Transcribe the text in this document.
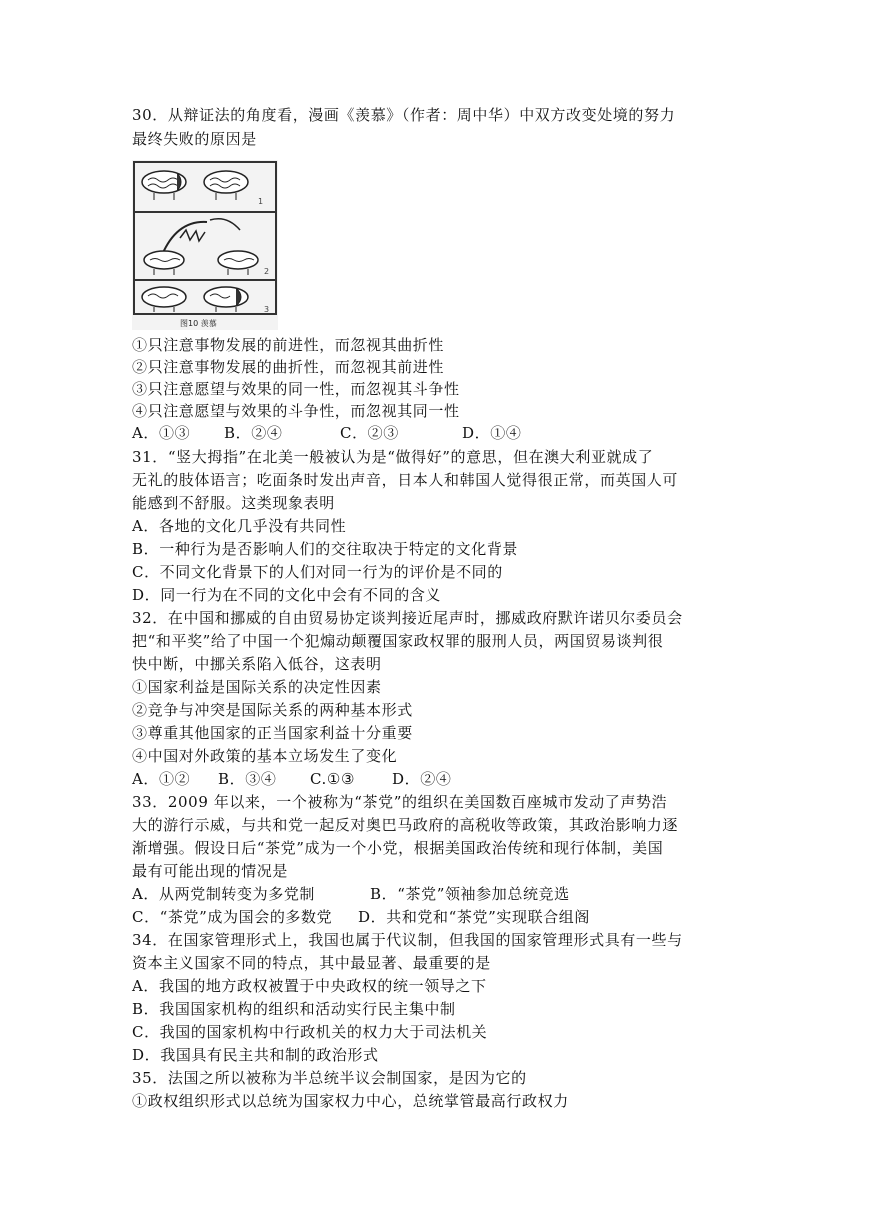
30．从辩证法的角度看，漫画《羡慕》（作者：周中华）中双方改变处境的努力
最终失败的原因是
1
2
3
图10 羡慕
①只注意事物发展的前进性，而忽视其曲折性
②只注意事物发展的曲折性，而忽视其前进性
③只注意愿望与效果的同一性，而忽视其斗争性
④只注意愿望与效果的斗争性，而忽视其同一性
A．①③ B．②④	C．②③	D．①④
31．“竖大拇指”在北美一般被认为是“做得好”的意思，但在澳大利亚就成了
无礼的肢体语言；吃面条时发出声音，日本人和韩国人觉得很正常，而英国人可
能感到不舒服。这类现象表明
A．各地的文化几乎没有共同性
B．一种行为是否影响人们的交往取决于特定的文化背景
C．不同文化背景下的人们对同一行为的评价是不同的
D．同一行为在不同的文化中会有不同的含义
32．在中国和挪威的自由贸易协定谈判接近尾声时，挪威政府默许诺贝尔委员会
把“和平奖”给了中国一个犯煽动颠覆国家政权罪的服刑人员，两国贸易谈判很
快中断，中挪关系陷入低谷，这表明
①国家利益是国际关系的决定性因素
②竞争与冲突是国际关系的两种基本形式
③尊重其他国家的正当国家利益十分重要
④中国对外政策的基本立场发生了变化
A．①② B．③④ C.①③ D．②④
33．2009 年以来，一个被称为“茶党”的组织在美国数百座城市发动了声势浩
大的游行示威，与共和党一起反对奥巴马政府的高税收等政策，其政治影响力逐
渐增强。假设日后“茶党”成为一个小党，根据美国政治传统和现行体制，美国
最有可能出现的情况是
A．从两党制转变为多党制	B．“茶党”领袖参加总统竞选
C．“茶党”成为国会的多数党 D．共和党和“茶党”实现联合组阁
34．在国家管理形式上，我国也属于代议制，但我国的国家管理形式具有一些与
资本主义国家不同的特点，其中最显著、最重要的是
A．我国的地方政权被置于中央政权的统一领导之下
B．我国国家机构的组织和活动实行民主集中制
C．我国的国家机构中行政机关的权力大于司法机关
D．我国具有民主共和制的政治形式
35．法国之所以被称为半总统半议会制国家，是因为它的
①政权组织形式以总统为国家权力中心，总统掌管最高行政权力
